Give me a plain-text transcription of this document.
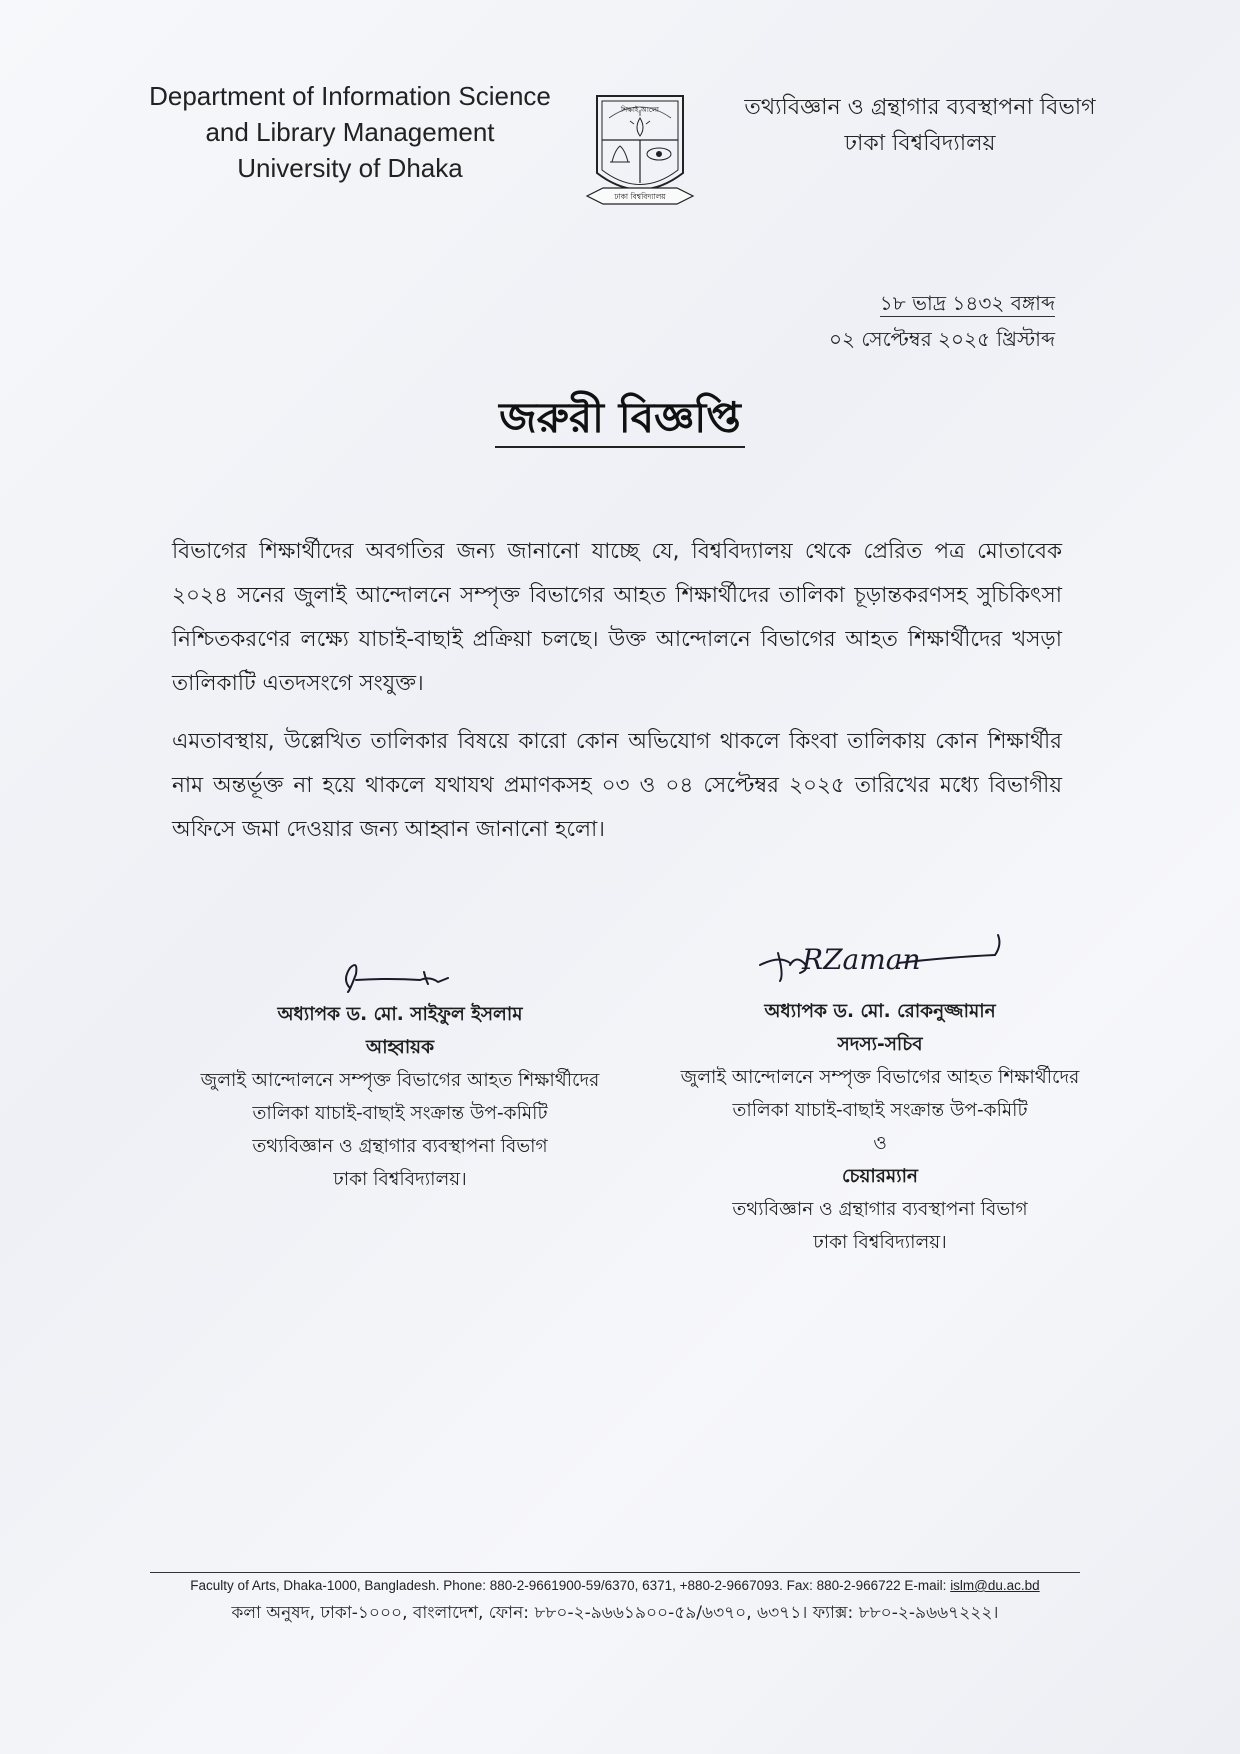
Department of Information Science
and Library Management
University of Dhaka
শিক্ষাই আলো
ঢাকা বিশ্ববিদ্যালয়
তথ্যবিজ্ঞান ও গ্রন্থাগার ব্যবস্থাপনা বিভাগ
ঢাকা বিশ্ববিদ্যালয়
১৮ ভাদ্র ১৪৩২ বঙ্গাব্দ
০২ সেপ্টেম্বর ২০২৫ খ্রিস্টাব্দ
জরুরী বিজ্ঞপ্তি

বিভাগের শিক্ষার্থীদের অবগতির জন্য জানানো যাচ্ছে যে, বিশ্ববিদ্যালয় থেকে প্রেরিত পত্র মোতাবেক ২০২৪ সনের জুলাই আন্দোলনে সম্পৃক্ত বিভাগের আহত শিক্ষার্থীদের তালিকা চূড়ান্তকরণসহ সুচিকিৎসা নিশ্চিতকরণের লক্ষ্যে যাচাই-বাছাই প্রক্রিয়া চলছে। উক্ত আন্দোলনে বিভাগের আহত শিক্ষার্থীদের খসড়া তালিকাটি এতদসংগে সংযুক্ত।

এমতাবস্থায়, উল্লেখিত তালিকার বিষয়ে কারো কোন অভিযোগ থাকলে কিংবা তালিকায় কোন শিক্ষার্থীর নাম অন্তর্ভূক্ত না হয়ে থাকলে যথাযথ প্রমাণকসহ ০৩ ও ০৪ সেপ্টেম্বর ২০২৫ তারিখের মধ্যে বিভাগীয় অফিসে জমা দেওয়ার জন্য আহ্বান জানানো হলো।

অধ্যাপক ড. মো. সাইফুল ইসলাম
আহ্বায়ক
জুলাই আন্দোলনে সম্পৃক্ত বিভাগের আহত শিক্ষার্থীদের
তালিকা যাচাই-বাছাই সংক্রান্ত উপ-কমিটি
তথ্যবিজ্ঞান ও গ্রন্থাগার ব্যবস্থাপনা বিভাগ
ঢাকা বিশ্ববিদ্যালয়।
RZaman
অধ্যাপক ড. মো. রোকনুজ্জামান
সদস্য-সচিব
জুলাই আন্দোলনে সম্পৃক্ত বিভাগের আহত শিক্ষার্থীদের
তালিকা যাচাই-বাছাই সংক্রান্ত উপ-কমিটি
ও
চেয়ারম্যান
তথ্যবিজ্ঞান ও গ্রন্থাগার ব্যবস্থাপনা বিভাগ
ঢাকা বিশ্ববিদ্যালয়।
Faculty of Arts, Dhaka-1000, Bangladesh. Phone: 880-2-9661900-59/6370, 6371, +880-2-9667093. Fax: 880-2-966722 E-mail: islm@du.ac.bd
কলা অনুষদ, ঢাকা-১০০০, বাংলাদেশ, ফোন: ৮৮০-২-৯৬৬১৯০০-৫৯/৬৩৭০, ৬৩৭১। ফ্যাক্স: ৮৮০-২-৯৬৬৭২২২।
